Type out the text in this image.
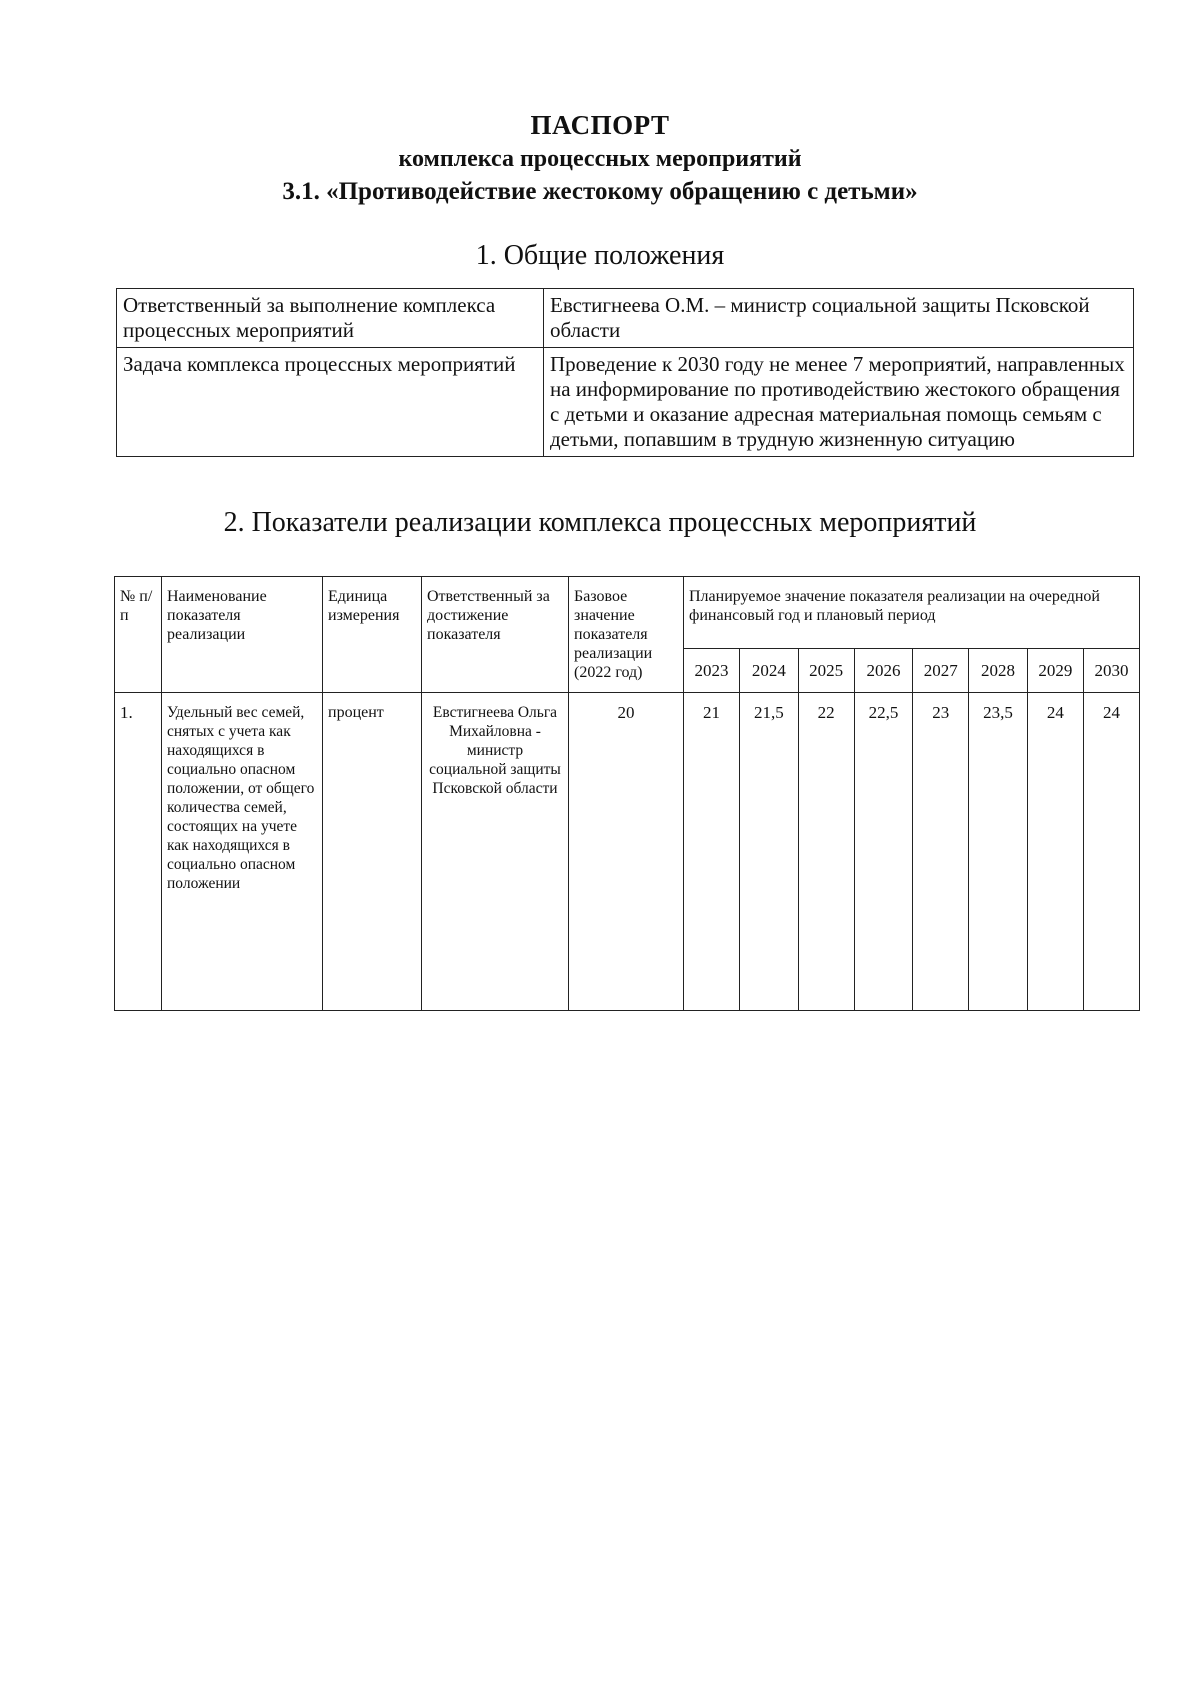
ПАСПОРТ
комплекса процессных мероприятий
3.1. «Противодействие жестокому обращению с детьми»
1. Общие положения
Ответственный за выполнение комплекса процессных мероприятий	Евстигнеева О.М. – министр социальной защиты Псковской области
Задача комплекса процессных мероприятий	Проведение к 2030 году не менее 7 мероприятий, направленных на информирование по противодействию жестокого обращения с детьми и оказание адресная материальная помощь семьям с детьми, попавшим в трудную жизненную ситуацию
2. Показатели реализации комплекса процессных мероприятий
№ п/п	Наименование показателя реализации	Единица измерения	Ответственный за достижение показателя	Базовое значение показателя реализации (2022 год)	Планируемое значение показателя реализации на очередной финансовый год и плановый период							
					2023	2024	2025	2026	2027	2028	2029	2030
1.	Удельный вес семей, снятых с учета как находящихся в социально опасном положении, от общего количества семей, состоящих на учете как находящихся в социально опасном положении	процент	Евстигнеева Ольга Михайловна - министр социальной защиты Псковской области	20	21	21,5	22	22,5	23	23,5	24	24
